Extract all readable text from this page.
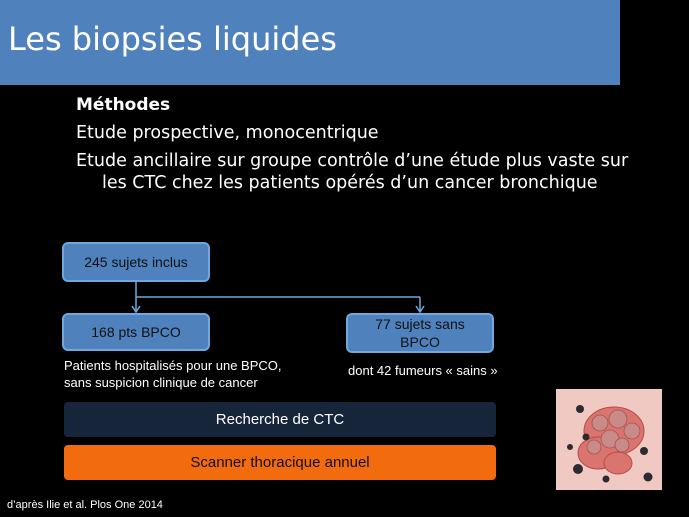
Les biopsies liquides
Méthodes
Etude prospective, monocentrique
Etude ancillaire sur groupe contrôle d’une étude plus vaste sur
les CTC chez les patients opérés d’un cancer bronchique
245 sujets inclus
168 pts BPCO	77 sujets sans
BPCO
Patients hospitalisés pour une BPCO,
sans suspicion clinique de cancer
dont 42 fumeurs « sains »
Recherche de CTC
Scanner thoracique annuel
d’après Ilie et al. Plos One 2014
